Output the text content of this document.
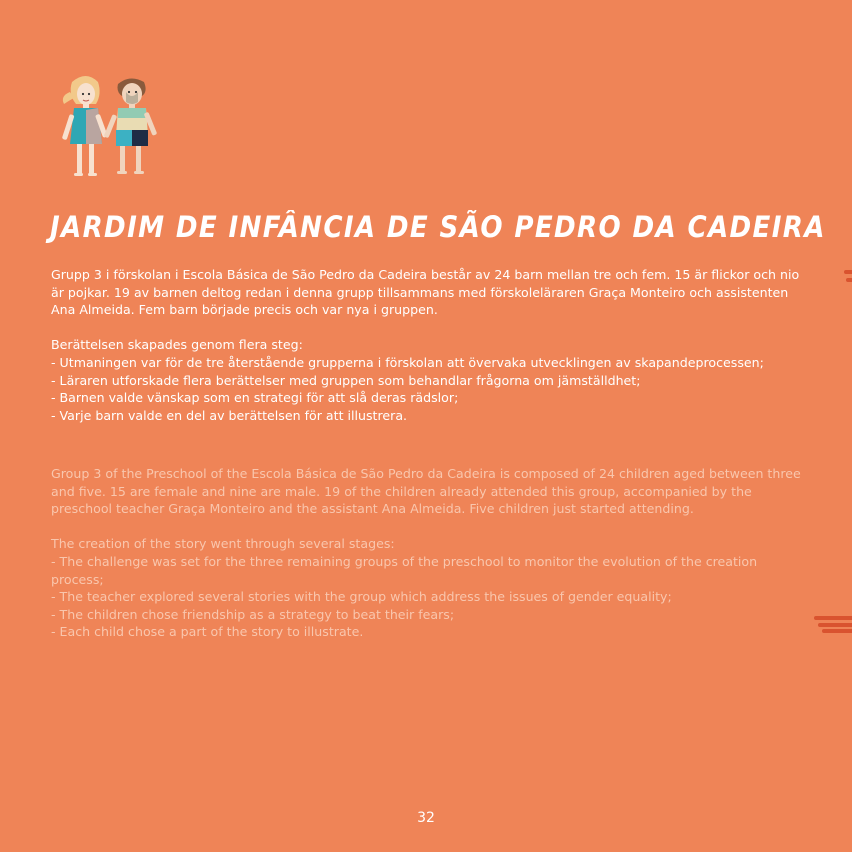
JARDIM DE INFÂNCIA DE SÃO PEDRO DA CADEIRA

Grupp 3 i förskolan i Escola Básica de São Pedro da Cadeira består av 24 barn mellan tre och fem. 15 är flickor och nio är pojkar. 19 av barnen deltog redan i denna grupp tillsammans med förskoleläraren Graça Monteiro och assistenten Ana Almeida. Fem barn började precis och var nya i gruppen.

Berättelsen skapades genom flera steg:

- Utmaningen var för de tre återstående grupperna i förskolan att övervaka utvecklingen av skapandeprocessen;

- Läraren utforskade flera berättelser med gruppen som behandlar frågorna om jämställdhet;

- Barnen valde vänskap som en strategi för att slå deras rädslor;

- Varje barn valde en del av berättelsen för att illustrera.

Group 3 of the Preschool of the Escola Básica de São Pedro da Cadeira is composed of 24 children aged between three and five. 15 are female and nine are male. 19 of the children already attended this group, accompanied by the preschool teacher Graça Monteiro and the assistant Ana Almeida. Five children just started attending.

The creation of the story went through several stages:

- The challenge was set for the three remaining groups of the preschool to monitor the evolution of the creation process;

- The teacher explored several stories with the group which address the issues of gender equality;

- The children chose friendship as a strategy to beat their fears;

- Each child chose a part of the story to illustrate.

32
